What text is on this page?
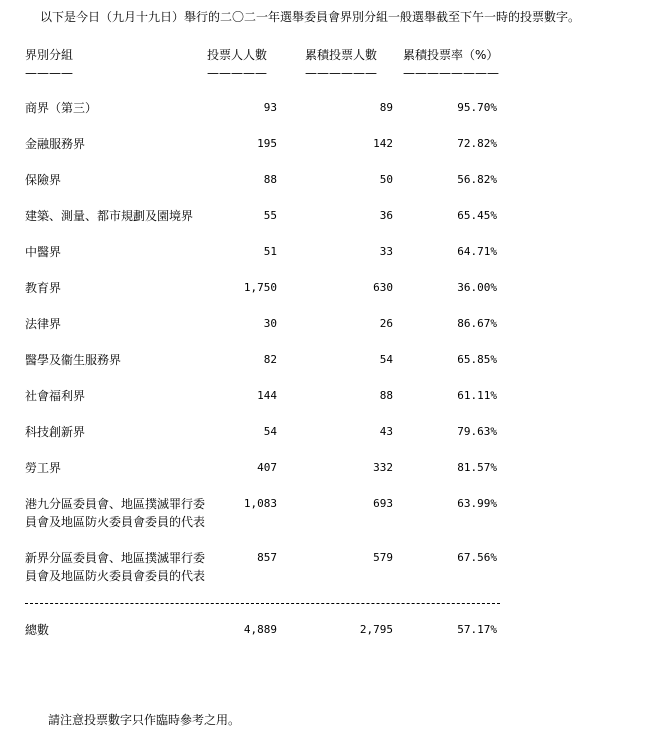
以下是今日（九月十九日）舉行的二〇二一年選舉委員會界別分組一般選舉截至下午一時的投票數字。
界別分組	投票人人數	累積投票人數	累積投票率（%）
————	—————	——————	————————
商界（第三）	93	89	95.70%
金融服務界	195	142	72.82%
保險界	88	50	56.82%
建築、測量、都市規劃及園境界	55	36	65.45%
中醫界	51	33	64.71%
教育界	1,750	630	36.00%
法律界	30	26	86.67%
醫學及衞生服務界	82	54	65.85%
社會福利界	144	88	61.11%
科技創新界	54	43	79.63%
勞工界	407	332	81.57%
港九分區委員會、地區撲滅罪行委員會及地區防火委員會委員的代表
1,083	693	63.99%
新界分區委員會、地區撲滅罪行委員會及地區防火委員會委員的代表
857	579	67.56%
總數	4,889	2,795	57.17%
請注意投票數字只作臨時參考之用。
